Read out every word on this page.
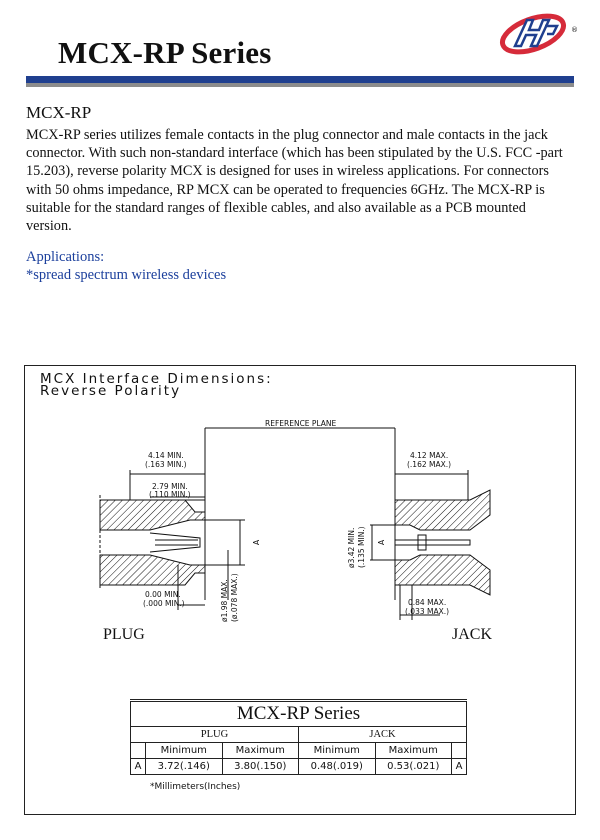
®
MCX-RP Series
MCX-RP
MCX-RP series utilizes female contacts in the plug connector and male contacts in the jack connector. With such non-standard interface (which has been stipulated by the U.S. FCC -part 15.203), reverse polarity MCX is designed for uses in wireless applications. For connectors with 50 ohms impedance, RP MCX can be operated to frequencies 6GHz. The MCX-RP is suitable for the standard ranges of flexible cables, and also available as a PCB mounted version.
Applications:
*spread spectrum wireless devices
MCX Interface Dimensions:
Reverse Polarity
REFERENCE PLANE
4.14 MIN.
(.163 MIN.)
2.79 MIN.
(.110 MIN.)
0.00 MIN.
(.000 MIN.)	ø1.98 MAX. (ø.078 MAX.)
A
4.12 MAX.
(.162 MAX.)
ø3.42 MIN. (.135 MIN.) A
0.84 MAX.
(.033 MAX.)
PLUG	JACK
MCX-RP Series					
PLUG			JACK		
	Minimum	Maximum	Minimum	Maximum	
A	3.72(.146)	3.80(.150)	0.48(.019)	0.53(.021)	A
*Millimeters(Inches)
